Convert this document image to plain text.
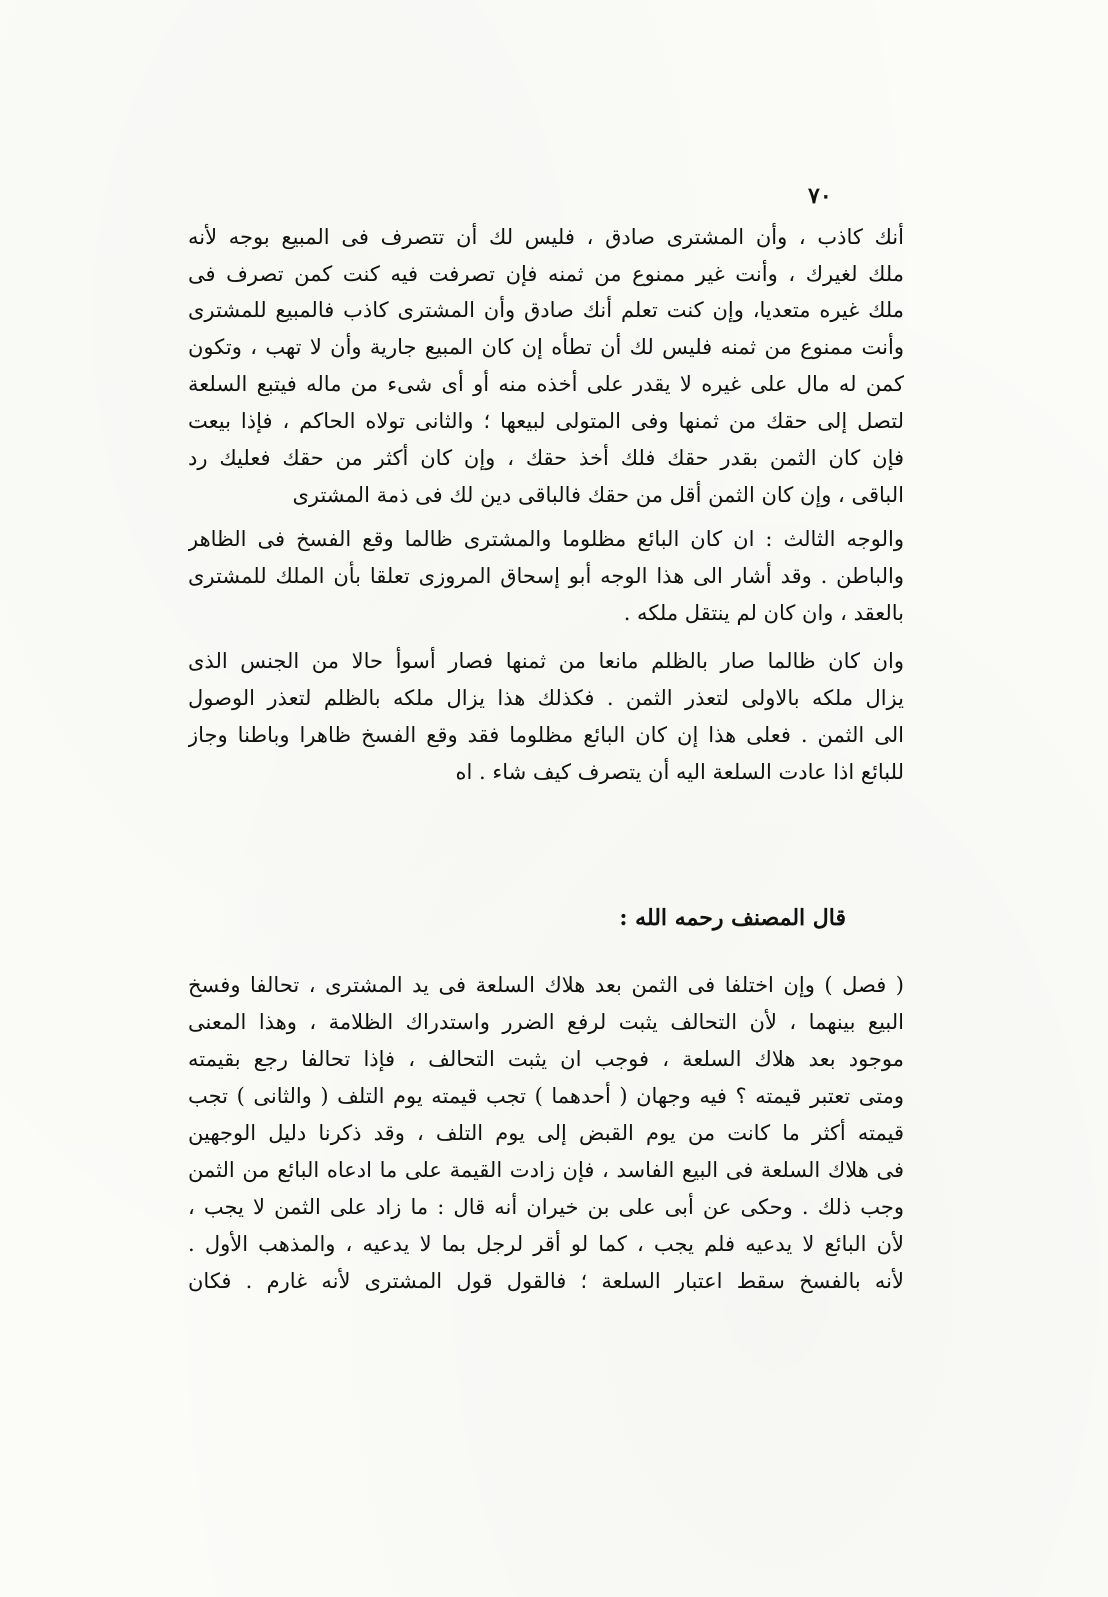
٧٠
أنك كاذب ، وأن المشترى صادق ، فليس لك أن تتصرف فى المبيع بوجه لأنه
ملك لغيرك ، وأنت غير ممنوع من ثمنه فإن تصرفت فيه كنت كمن تصرف فى
ملك غيره متعديا، وإن كنت تعلم أنك صادق وأن المشترى كاذب فالمبيع للمشترى
وأنت ممنوع من ثمنه فليس لك أن تطأه إن كان المبيع جارية وأن لا تهب ، وتكون
كمن له مال على غيره لا يقدر على أخذه منه أو أى شىء من ماله فيتبع السلعة
لتصل إلى حقك من ثمنها وفى المتولى لبيعها ؛ والثانى تولاه الحاكم ، فإذا بيعت
فإن كان الثمن بقدر حقك فلك أخذ حقك ، وإن كان أكثر من حقك فعليك رد
الباقى ، وإن كان الثمن أقل من حقك فالباقى دين لك فى ذمة المشترى
والوجه الثالث : ان كان البائع مظلوما والمشترى ظالما وقع الفسخ فى الظاهر
والباطن . وقد أشار الى هذا الوجه أبو إسحاق المروزى تعلقا بأن الملك للمشترى
بالعقد ، وان كان لم ينتقل ملكه .
وان كان ظالما صار بالظلم مانعا من ثمنها فصار أسوأ حالا من الجنس الذى
يزال ملكه بالاولى لتعذر الثمن . فكذلك هذا يزال ملكه بالظلم لتعذر الوصول
الى الثمن . فعلى هذا إن كان البائع مظلوما فقد وقع الفسخ ظاهرا وباطنا وجاز
للبائع اذا عادت السلعة اليه أن يتصرف كيف شاء . اه
قال المصنف رحمه الله :
( فصل ) وإن اختلفا فى الثمن بعد هلاك السلعة فى يد المشترى ، تحالفا وفسخ
البيع بينهما ، لأن التحالف يثبت لرفع الضرر واستدراك الظلامة ، وهذا المعنى
موجود بعد هلاك السلعة ، فوجب ان يثبت التحالف ، فإذا تحالفا رجع بقيمته
ومتى تعتبر قيمته ؟ فيه وجهان ( أحدهما ) تجب قيمته يوم التلف ( والثانى ) تجب
قيمته أكثر ما كانت من يوم القبض إلى يوم التلف ، وقد ذكرنا دليل الوجهين
فى هلاك السلعة فى البيع الفاسد ، فإن زادت القيمة على ما ادعاه البائع من الثمن
وجب ذلك . وحكى عن أبى على بن خيران أنه قال : ما زاد على الثمن لا يجب ،
لأن البائع لا يدعيه فلم يجب ، كما لو أقر لرجل بما لا يدعيه ، والمذهب الأول .
لأنه بالفسخ سقط اعتبار السلعة ؛ فالقول قول المشترى لأنه غارم . فكان
